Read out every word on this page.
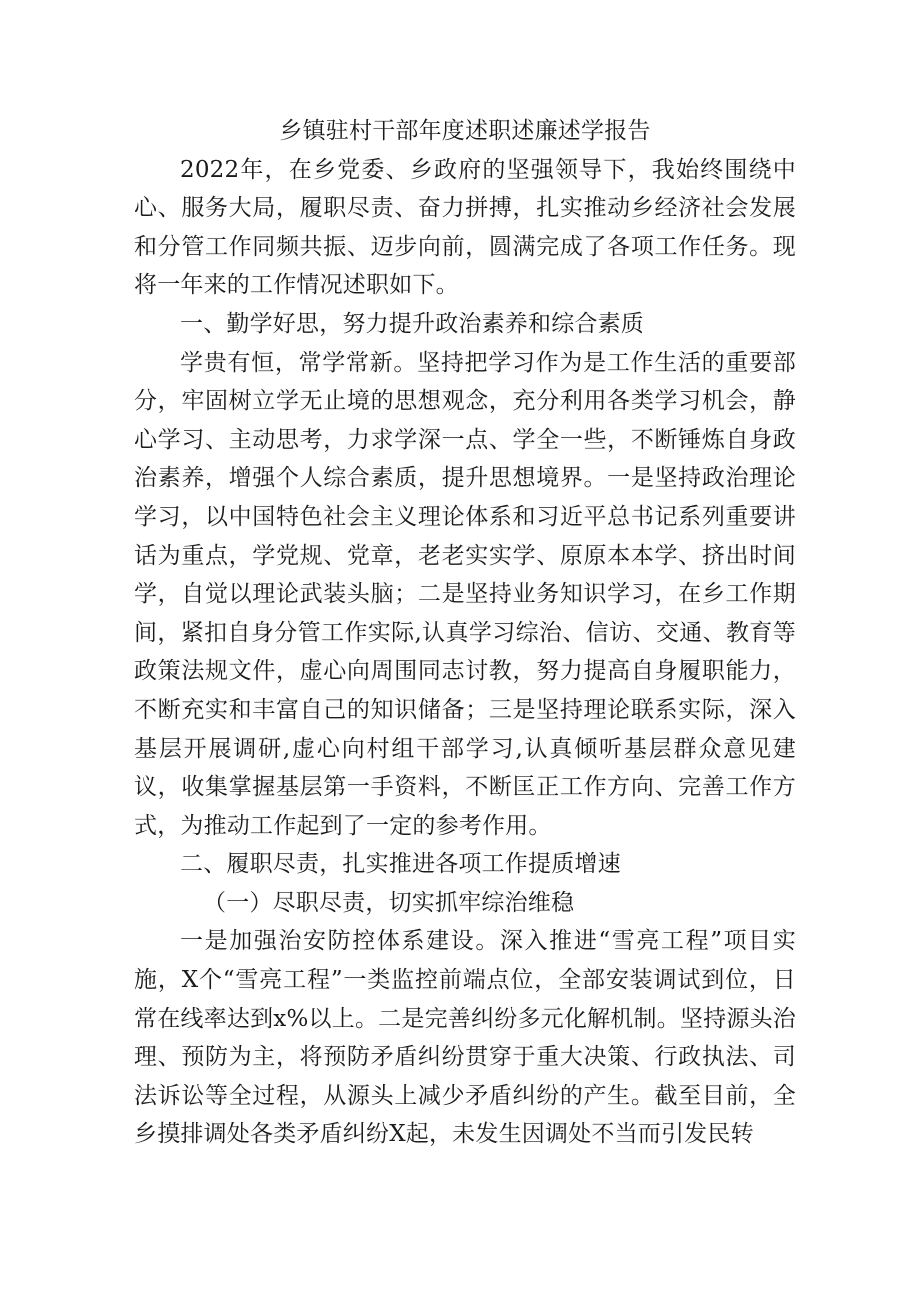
乡镇驻村干部年度述职述廉述学报告

2022年，在乡党委、乡政府的坚强领导下，我始终围绕中心、服务大局，履职尽责、奋力拼搏，扎实推动乡经济社会发展和分管工作同频共振、迈步向前，圆满完成了各项工作任务。现将一年来的工作情况述职如下。

一、勤学好思，努力提升政治素养和综合素质

学贵有恒，常学常新。坚持把学习作为是工作生活的重要部分，牢固树立学无止境的思想观念，充分利用各类学习机会，静心学习、主动思考，力求学深一点、学全一些，不断锤炼自身政治素养，增强个人综合素质，提升思想境界。一是坚持政治理论学习，以中国特色社会主义理论体系和习近平总书记系列重要讲话为重点，学党规、党章，老老实实学、原原本本学、挤出时间学，自觉以理论武装头脑；二是坚持业务知识学习，在乡工作期间，紧扣自身分管工作实际,认真学习综治、信访、交通、教育等政策法规文件，虚心向周围同志讨教，努力提高自身履职能力，不断充实和丰富自己的知识储备；三是坚持理论联系实际，深入基层开展调研,虚心向村组干部学习,认真倾听基层群众意见建议，收集掌握基层第一手资料，不断匡正工作方向、完善工作方式，为推动工作起到了一定的参考作用。

二、履职尽责，扎实推进各项工作提质增速

（一）尽职尽责，切实抓牢综治维稳

一是加强治安防控体系建设。深入推进“雪亮工程”项目实施，X个“雪亮工程”一类监控前端点位，全部安装调试到位，日常在线率达到x%以上。二是完善纠纷多元化解机制。坚持源头治理、预防为主，将预防矛盾纠纷贯穿于重大决策、行政执法、司法诉讼等全过程，从源头上减少矛盾纠纷的产生。截至目前，全乡摸排调处各类矛盾纠纷X起，未发生因调处不当而引发民转
